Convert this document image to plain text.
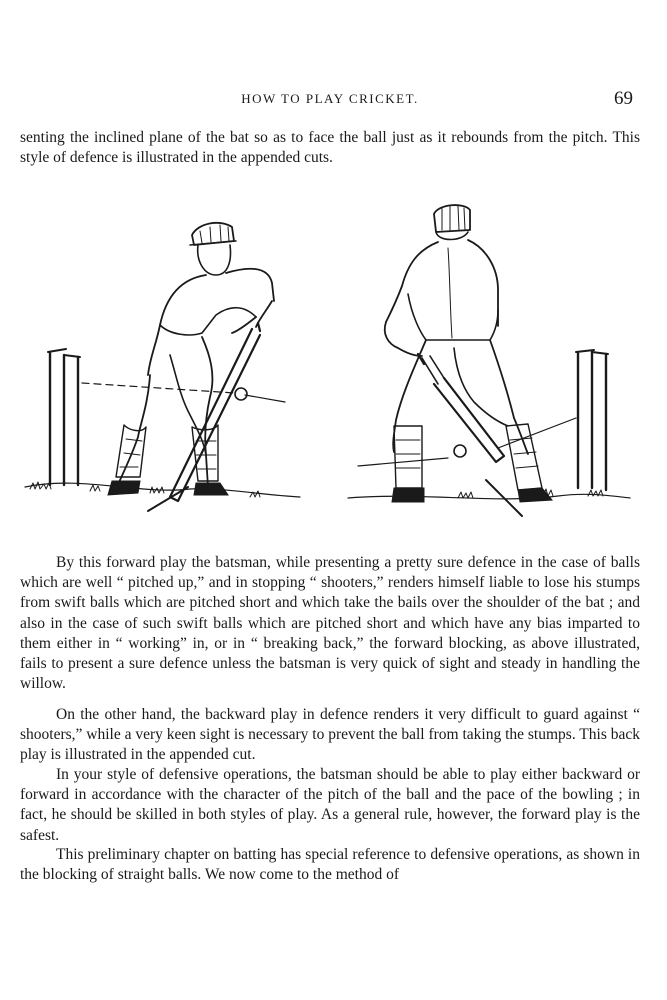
HOW TO PLAY CRICKET.	69

senting the inclined plane of the bat so as to face the ball just as it rebounds from the pitch. This style of defence is illustrated in the appended cuts.

By this forward play the batsman, while presenting a pretty sure defence in the case of balls which are well “ pitched up,” and in stopping “ shooters,” renders himself liable to lose his stumps from swift balls which are pitched short and which take the bails over the shoulder of the bat ; and also in the case of such swift balls which are pitched short and which have any bias imparted to them either in “ working” in, or in “ breaking back,” the forward blocking, as above illustrated, fails to present a sure defence unless the batsman is very quick of sight and steady in handling the willow.

On the other hand, the backward play in defence renders it very difficult to guard against “ shooters,” while a very keen sight is necessary to prevent the ball from taking the stumps. This back play is illustrated in the appended cut.

In your style of defensive operations, the batsman should be able to play either backward or forward in accordance with the character of the pitch of the ball and the pace of the bowling ; in fact, he should be skilled in both styles of play. As a general rule, however, the forward play is the safest.

This preliminary chapter on batting has special reference to defensive operations, as shown in the blocking of straight balls. We now come to the method of
